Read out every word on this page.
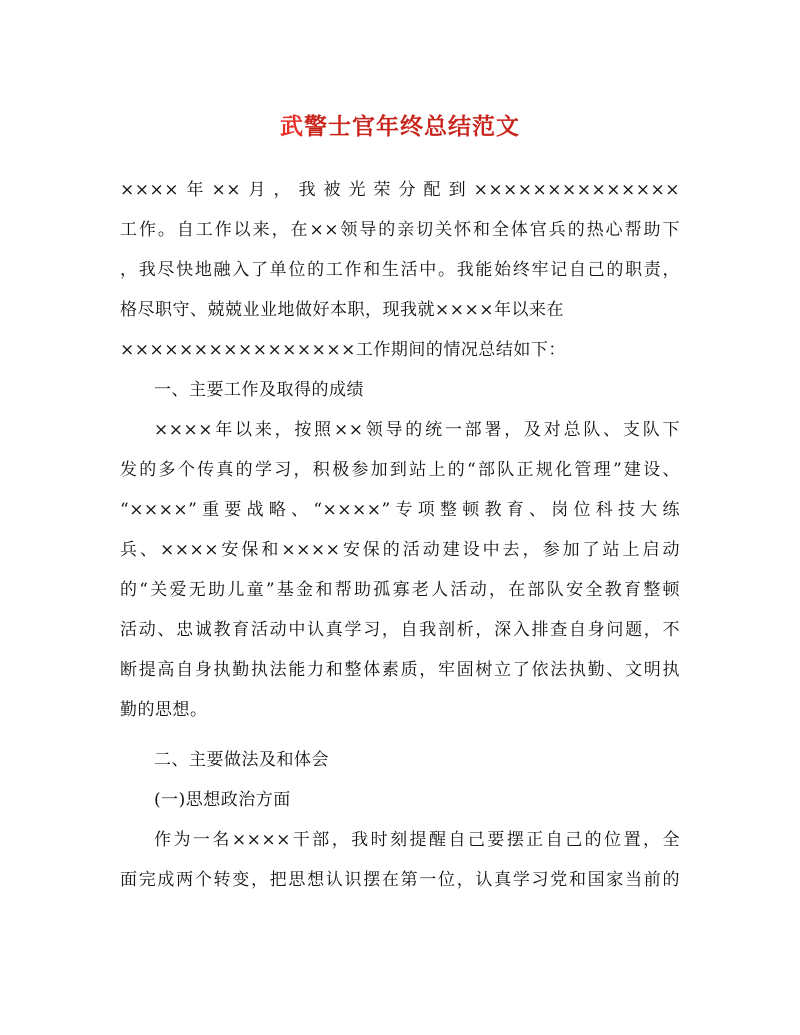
武警士官年终总结范文
××××年××月，我被光荣分配到××××××××××××××
工作。自工作以来，在××领导的亲切关怀和全体官兵的热心帮助下
，我尽快地融入了单位的工作和生活中。我能始终牢记自己的职责，
格尽职守、兢兢业业地做好本职，现我就××××年以来在
××××××××××××××××工作期间的情况总结如下：
一、主要工作及取得的成绩
××××年以来，按照××领导的统一部署，及对总队、支队下
发的多个传真的学习，积极参加到站上的“部队正规化管理”建设、
“××××”重要战略、“××××”专项整顿教育、岗位科技大练
兵、××××安保和××××安保的活动建设中去，参加了站上启动
的“关爱无助儿童”基金和帮助孤寡老人活动，在部队安全教育整顿
活动、忠诚教育活动中认真学习，自我剖析，深入排查自身问题，不
断提高自身执勤执法能力和整体素质，牢固树立了依法执勤、文明执
勤的思想。
二、主要做法及和体会
(一)思想政治方面
作为一名××××干部，我时刻提醒自己要摆正自己的位置，全
面完成两个转变，把思想认识摆在第一位，认真学习党和国家当前的
